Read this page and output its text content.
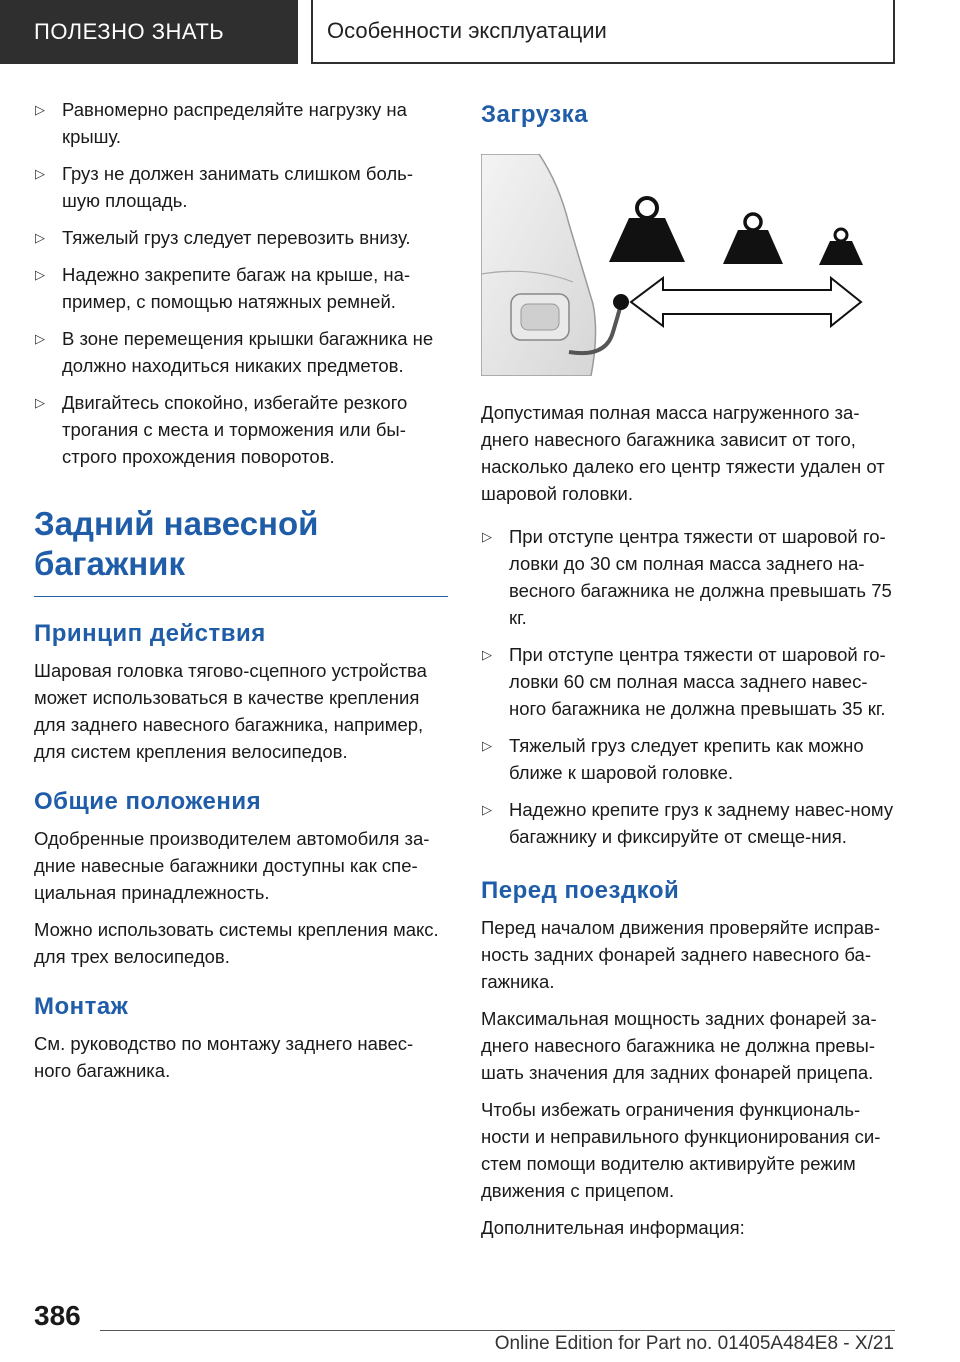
ПОЛЕЗНО ЗНАТЬ	Особенности эксплуатации
▷ Равномерно распределяйте нагрузку на крышу.
▷ Груз не должен занимать слишком боль-шую площадь.
▷ Тяжелый груз следует перевозить внизу.
▷ Надежно закрепите багаж на крыше, на-пример, с помощью натяжных ремней.
▷ В зоне перемещения крышки багажника не должно находиться никаких предметов.
▷ Двигайтесь спокойно, избегайте резкого трогания с места и торможения или бы-строго прохождения поворотов.
Задний навесной багажник
Принцип действия

Шаровая головка тягово-сцепного устройства может использоваться в качестве крепления для заднего навесного багажника, например, для систем крепления велосипедов.

Общие положения

Одобренные производителем автомобиля за-дние навесные багажники доступны как спе-циальная принадлежность.

Можно использовать системы крепления макс. для трех велосипедов.

Монтаж

См. руководство по монтажу заднего навес-ного багажника.

Загрузка

Допустимая полная масса нагруженного за-днего навесного багажника зависит от того, насколько далеко его центр тяжести удален от шаровой головки.

▷ При отступе центра тяжести от шаровой го-ловки до 30 см полная масса заднего на-весного багажника не должна превышать 75 кг.
▷ При отступе центра тяжести от шаровой го-ловки 60 см полная масса заднего навес-ного багажника не должна превышать 35 кг.
▷ Тяжелый груз следует крепить как можно ближе к шаровой головке.
▷ Надежно крепите груз к заднему навес-ному багажнику и фиксируйте от смеще-ния.
Перед поездкой

Перед началом движения проверяйте исправ-ность задних фонарей заднего навесного ба-гажника.

Максимальная мощность задних фонарей за-днего навесного багажника не должна превы-шать значения для задних фонарей прицепа.

Чтобы избежать ограничения функциональ-ности и неправильного функционирования си-стем помощи водителю активируйте режим движения с прицепом.

Дополнительная информация:

386
Online Edition for Part no. 01405A484E8 - X/21
